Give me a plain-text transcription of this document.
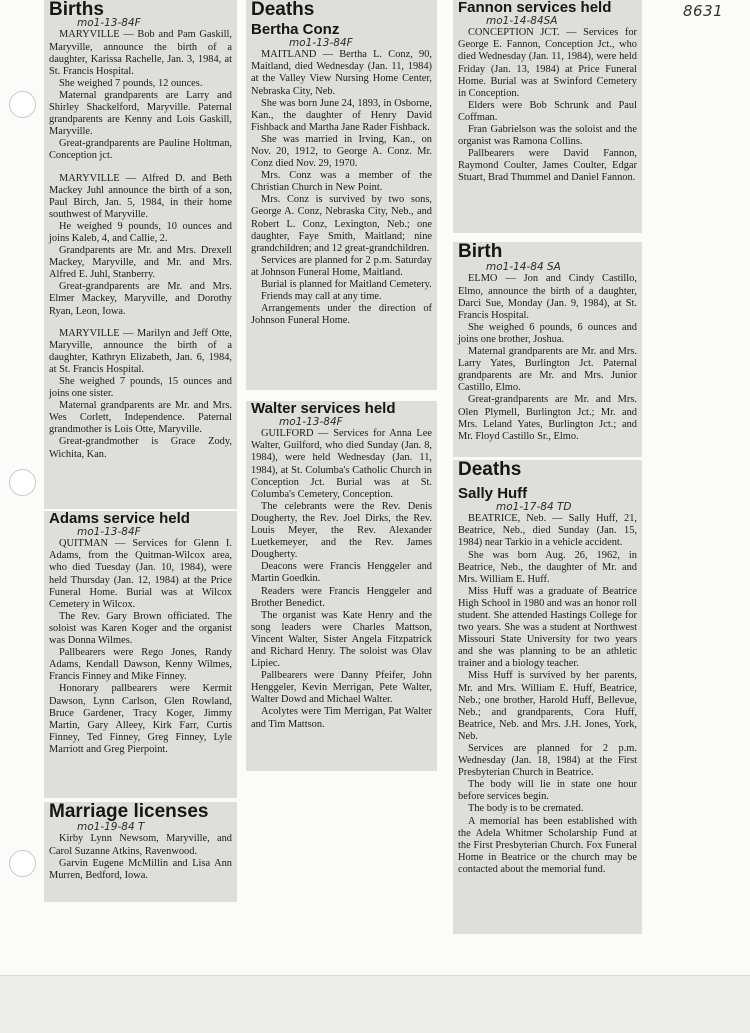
8631
Births
mo1-13-84F

MARYVILLE — Bob and Pam Gaskill, Maryville, announce the birth of a daughter, Karissa Rachelle, Jan. 3, 1984, at St. Francis Hospital.

She weighed 7 pounds, 12 ounces.

Maternal grandparents are Larry and Shirley Shackelford, Maryville. Paternal grandparents are Kenny and Lois Gaskill, Maryville.

Great-grandparents are Pauline Holtman, Conception jct.

MARYVILLE — Alfred D. and Beth Mackey Juhl announce the birth of a son, Paul Birch, Jan. 5, 1984, in their home southwest of Maryville.

He weighed 9 pounds, 10 ounces and joins Kaleb, 4, and Callie, 2.

Grandparents are Mr. and Mrs. Drexell Mackey, Maryville, and Mr. and Mrs. Alfred E. Juhl, Stanberry.

Great-grandparents are Mr. and Mrs. Elmer Mackey, Maryville, and Dorothy Ryan, Leon, Iowa.

MARYVILLE — Marilyn and Jeff Otte, Maryville, announce the birth of a daughter, Kathryn Elizabeth, Jan. 6, 1984, at St. Francis Hospital.

She weighed 7 pounds, 15 ounces and joins one sister.

Maternal grandparents are Mr. and Mrs. Wes Corlett, Independence. Paternal grandmother is Lois Otte, Maryville.

Great-grandmother is Grace Zody, Wichita, Kan.

Adams service held
mo1-13-84F

QUITMAN — Services for Glenn I. Adams, from the Quitman-Wilcox area, who died Tuesday (Jan. 10, 1984), were held Thursday (Jan. 12, 1984) at the Price Funeral Home. Burial was at Wilcox Cemetery in Wilcox.

The Rev. Gary Brown officiated. The soloist was Karen Koger and the organist was Donna Wilmes.

Pallbearers were Rego Jones, Randy Adams, Kendall Dawson, Kenny Wilmes, Francis Finney and Mike Finney.

Honorary pallbearers were Kermit Dawson, Lynn Carlson, Glen Rowland, Bruce Gardener, Tracy Koger, Jimmy Martin, Gary Alleey, Kirk Farr, Curtis Finney, Ted Finney, Greg Finney, Lyle Marriott and Greg Pierpoint.

Marriage licenses
mo1-19-84 T

Kirby Lynn Newsom, Maryville, and Carol Suzanne Atkins, Ravenwood.

Garvin Eugene McMillin and Lisa Ann Murren, Bedford, Iowa.

Deaths
Bertha Conz
mo1-13-84F

MAITLAND — Bertha L. Conz, 90, Maitland, died Wednesday (Jan. 11, 1984) at the Valley View Nursing Home Center, Nebraska City, Neb.

She was born June 24, 1893, in Osborne, Kan., the daughter of Henry David Fishback and Martha Jane Rader Fishback.

She was married in Irving, Kan., on Nov. 20, 1912, to George A. Conz. Mr. Conz died Nov. 29, 1970.

Mrs. Conz was a member of the Christian Church in New Point.

Mrs. Conz is survived by two sons, George A. Conz, Nebraska City, Neb., and Robert L. Conz, Lexington, Neb.; one daughter, Faye Smith, Maitland; nine grandchildren; and 12 great-grandchildren.

Services are planned for 2 p.m. Saturday at Johnson Funeral Home, Maitland.

Burial is planned for Maitland Cemetery.

Friends may call at any time.

Arrangements under the direction of Johnson Funeral Home.

Walter services held
mo1-13-84F

GUILFORD — Services for Anna Lee Walter, Guilford, who died Sunday (Jan. 8, 1984), were held Wednesday (Jan. 11, 1984), at St. Columba's Catholic Church in Conception Jct. Burial was at St. Columba's Cemetery, Conception.

The celebrants were the Rev. Denis Dougherty, the Rev. Joel Dirks, the Rev. Louis Meyer, the Rev. Alexander Luetkemeyer, and the Rev. James Dougherty.

Deacons were Francis Henggeler and Martin Goedkin.

Readers were Francis Henggeler and Brother Benedict.

The organist was Kate Henry and the song leaders were Charles Mattson, Vincent Walter, Sister Angela Fitzpatrick and Richard Henry. The soloist was Olav Lipiec.

Pallbearers were Danny Pfeifer, John Henggeler, Kevin Merrigan, Pete Walter, Walter Dowd and Michael Walter.

Acolytes were Tim Merrigan, Pat Walter and Tim Mattson.

Fannon services held
mo1-14-84SA

CONCEPTION JCT. — Services for George E. Fannon, Conception Jct., who died Wednesday (Jan. 11, 1984), were held Friday (Jan. 13, 1984) at Price Funeral Home. Burial was at Swinford Cemetery in Conception.

Elders were Bob Schrunk and Paul Coffman.

Fran Gabrielson was the soloist and the organist was Ramona Collins.

Pallbearers were David Fannon, Raymond Coulter, James Coulter, Edgar Stuart, Brad Thummel and Daniel Fannon.

Birth
mo1-14-84 SA

ELMO — Jon and Cindy Castillo, Elmo, announce the birth of a daughter, Darci Sue, Monday (Jan. 9, 1984), at St. Francis Hospital.

She weighed 6 pounds, 6 ounces and joins one brother, Joshua.

Maternal grandparents are Mr. and Mrs. Larry Yates, Burlington Jct. Paternal grandparents are Mr. and Mrs. Junior Castillo, Elmo.

Great-grandparents are Mr. and Mrs. Olen Plymell, Burlington Jct.; Mr. and Mrs. Leland Yates, Burlington Jct.; and Mr. Floyd Castillo Sr., Elmo.

Deaths
Sally Huff
mo1-17-84 TD

BEATRICE, Neb. — Sally Huff, 21, Beatrice, Neb., died Sunday (Jan. 15, 1984) near Tarkio in a vehicle accident.

She was born Aug. 26, 1962, in Beatrice, Neb., the daughter of Mr. and Mrs. William E. Huff.

Miss Huff was a graduate of Beatrice High School in 1980 and was an honor roll student. She attended Hastings College for two years. She was a student at Northwest Missouri State University for two years and she was planning to be an athletic trainer and a biology teacher.

Miss Huff is survived by her parents, Mr. and Mrs. William E. Huff, Beatrice, Neb.; one brother, Harold Huff, Bellevue, Neb.; and grandparents, Cora Huff, Beatrice, Neb. and Mrs. J.H. Jones, York, Neb.

Services are planned for 2 p.m. Wednesday (Jan. 18, 1984) at the First Presbyterian Church in Beatrice.

The body will lie in state one hour before services begin.

The body is to be cremated.

A memorial has been established with the Adela Whitmer Scholarship Fund at the First Presbyterian Church. Fox Funeral Home in Beatrice or the church may be contacted about the memorial fund.
